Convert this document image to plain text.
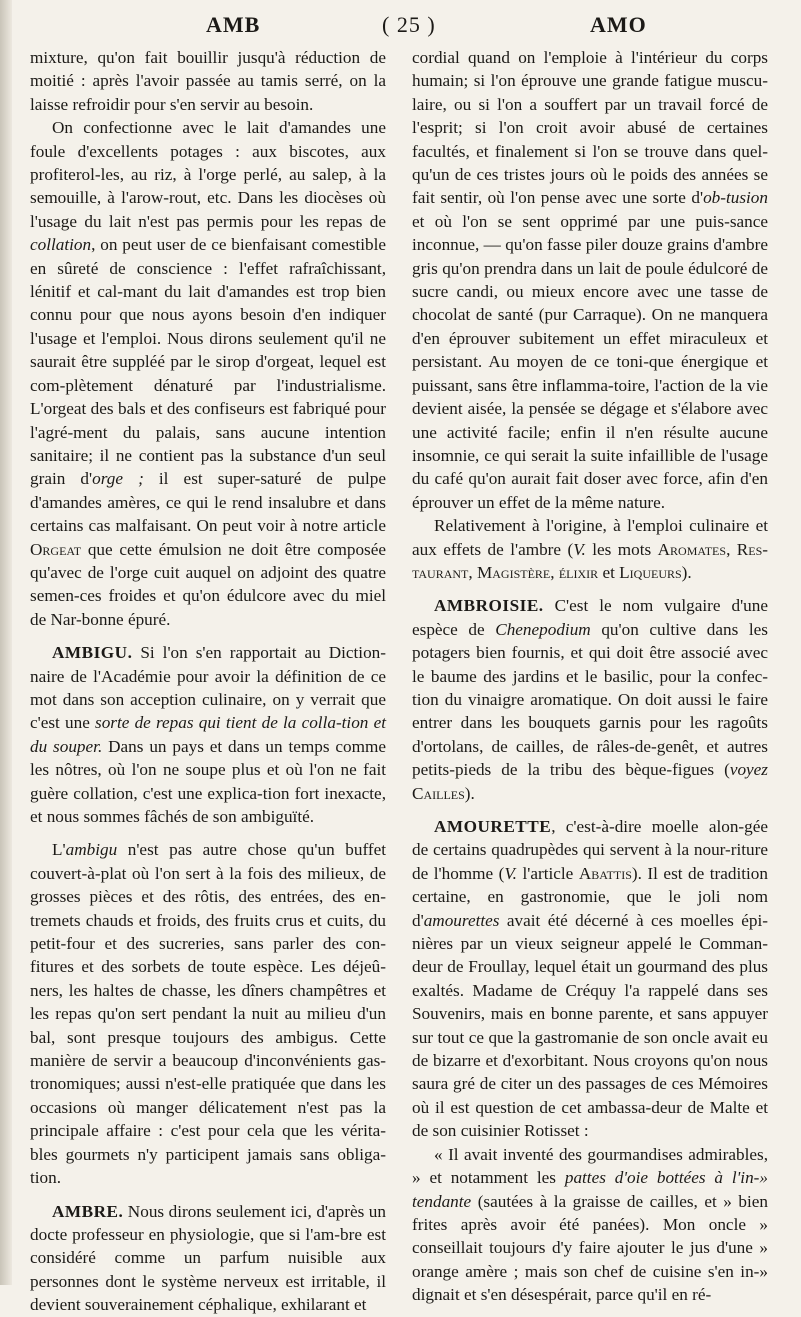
AMB	( 25 )	AMO

mixture, qu'on fait bouillir jusqu'à réduction de moitié : après l'avoir passée au tamis serré, on la laisse refroidir pour s'en servir au besoin.

On confectionne avec le lait d'amandes une foule d'excellents potages : aux biscotes, aux profiterol-les, au riz, à l'orge perlé, au salep, à la semouille, à l'arow-rout, etc. Dans les diocèses où l'usage du lait n'est pas permis pour les repas de collation, on peut user de ce bienfaisant comestible en sûreté de conscience : l'effet rafraîchissant, lénitif et cal-mant du lait d'amandes est trop bien connu pour que nous ayons besoin d'en indiquer l'usage et l'emploi. Nous dirons seulement qu'il ne saurait être suppléé par le sirop d'orgeat, lequel est com-plètement dénaturé par l'industrialisme. L'orgeat des bals et des confiseurs est fabriqué pour l'agré-ment du palais, sans aucune intention sanitaire; il ne contient pas la substance d'un seul grain d'orge ; il est super-saturé de pulpe d'amandes amères, ce qui le rend insalubre et dans certains cas malfaisant. On peut voir à notre article Orgeat que cette émulsion ne doit être composée qu'avec de l'orge cuit auquel on adjoint des quatre semen-ces froides et qu'on édulcore avec du miel de Nar-bonne épuré.

AMBIGU. Si l'on s'en rapportait au Diction-naire de l'Académie pour avoir la définition de ce mot dans son acception culinaire, on y verrait que c'est une sorte de repas qui tient de la colla-tion et du souper. Dans un pays et dans un temps comme les nôtres, où l'on ne soupe plus et où l'on ne fait guère collation, c'est une explica-tion fort inexacte, et nous sommes fâchés de son ambiguïté.

L'ambigu n'est pas autre chose qu'un buffet couvert-à-plat où l'on sert à la fois des milieux, de grosses pièces et des rôtis, des entrées, des en-tremets chauds et froids, des fruits crus et cuits, du petit-four et des sucreries, sans parler des con-fitures et des sorbets de toute espèce. Les déjeû-ners, les haltes de chasse, les dîners champêtres et les repas qu'on sert pendant la nuit au milieu d'un bal, sont presque toujours des ambigus. Cette manière de servir a beaucoup d'inconvénients gas-tronomiques; aussi n'est-elle pratiquée que dans les occasions où manger délicatement n'est pas la principale affaire : c'est pour cela que les vérita-bles gourmets n'y participent jamais sans obliga-tion.

AMBRE. Nous dirons seulement ici, d'après un docte professeur en physiologie, que si l'am-bre est considéré comme un parfum nuisible aux personnes dont le système nerveux est irritable, il devient souverainement céphalique, exhilarant et

cordial quand on l'emploie à l'intérieur du corps humain; si l'on éprouve une grande fatigue muscu-laire, ou si l'on a souffert par un travail forcé de l'esprit; si l'on croit avoir abusé de certaines facultés, et finalement si l'on se trouve dans quel-qu'un de ces tristes jours où le poids des années se fait sentir, où l'on pense avec une sorte d'ob-tusion et où l'on se sent opprimé par une puis-sance inconnue, — qu'on fasse piler douze grains d'ambre gris qu'on prendra dans un lait de poule édulcoré de sucre candi, ou mieux encore avec une tasse de chocolat de santé (pur Carraque). On ne manquera d'en éprouver subitement un effet miraculeux et persistant. Au moyen de ce toni-que énergique et puissant, sans être inflamma-toire, l'action de la vie devient aisée, la pensée se dégage et s'élabore avec une activité facile; enfin il n'en résulte aucune insomnie, ce qui serait la suite infaillible de l'usage du café qu'on aurait fait doser avec force, afin d'en éprouver un effet de la même nature.

Relativement à l'origine, à l'emploi culinaire et aux effets de l'ambre (V. les mots Aromates, Res-taurant, Magistère, élixir et Liqueurs).

AMBROISIE. C'est le nom vulgaire d'une espèce de Chenepodium qu'on cultive dans les potagers bien fournis, et qui doit être associé avec le baume des jardins et le basilic, pour la confec-tion du vinaigre aromatique. On doit aussi le faire entrer dans les bouquets garnis pour les ragoûts d'ortolans, de cailles, de râles-de-genêt, et autres petits-pieds de la tribu des bèque-figues (voyez Cailles).

AMOURETTE, c'est-à-dire moelle alon-gée de certains quadrupèdes qui servent à la nour-riture de l'homme (V. l'article Abattis). Il est de tradition certaine, en gastronomie, que le joli nom d'amourettes avait été décerné à ces moelles épi-nières par un vieux seigneur appelé le Comman-deur de Froullay, lequel était un gourmand des plus exaltés. Madame de Créquy l'a rappelé dans ses Souvenirs, mais en bonne parente, et sans appuyer sur tout ce que la gastromanie de son oncle avait eu de bizarre et d'exorbitant. Nous croyons qu'on nous saura gré de citer un des passages de ces Mémoires où il est question de cet ambassa-deur de Malte et de son cuisinier Rotisset :

« Il avait inventé des gourmandises admirables, » et notamment les pattes d'oie bottées à l'in-» tendante (sautées à la graisse de cailles, et » bien frites après avoir été panées). Mon oncle » conseillait toujours d'y faire ajouter le jus d'une » orange amère ; mais son chef de cuisine s'en in-» dignait et s'en désespérait, parce qu'il en ré-
